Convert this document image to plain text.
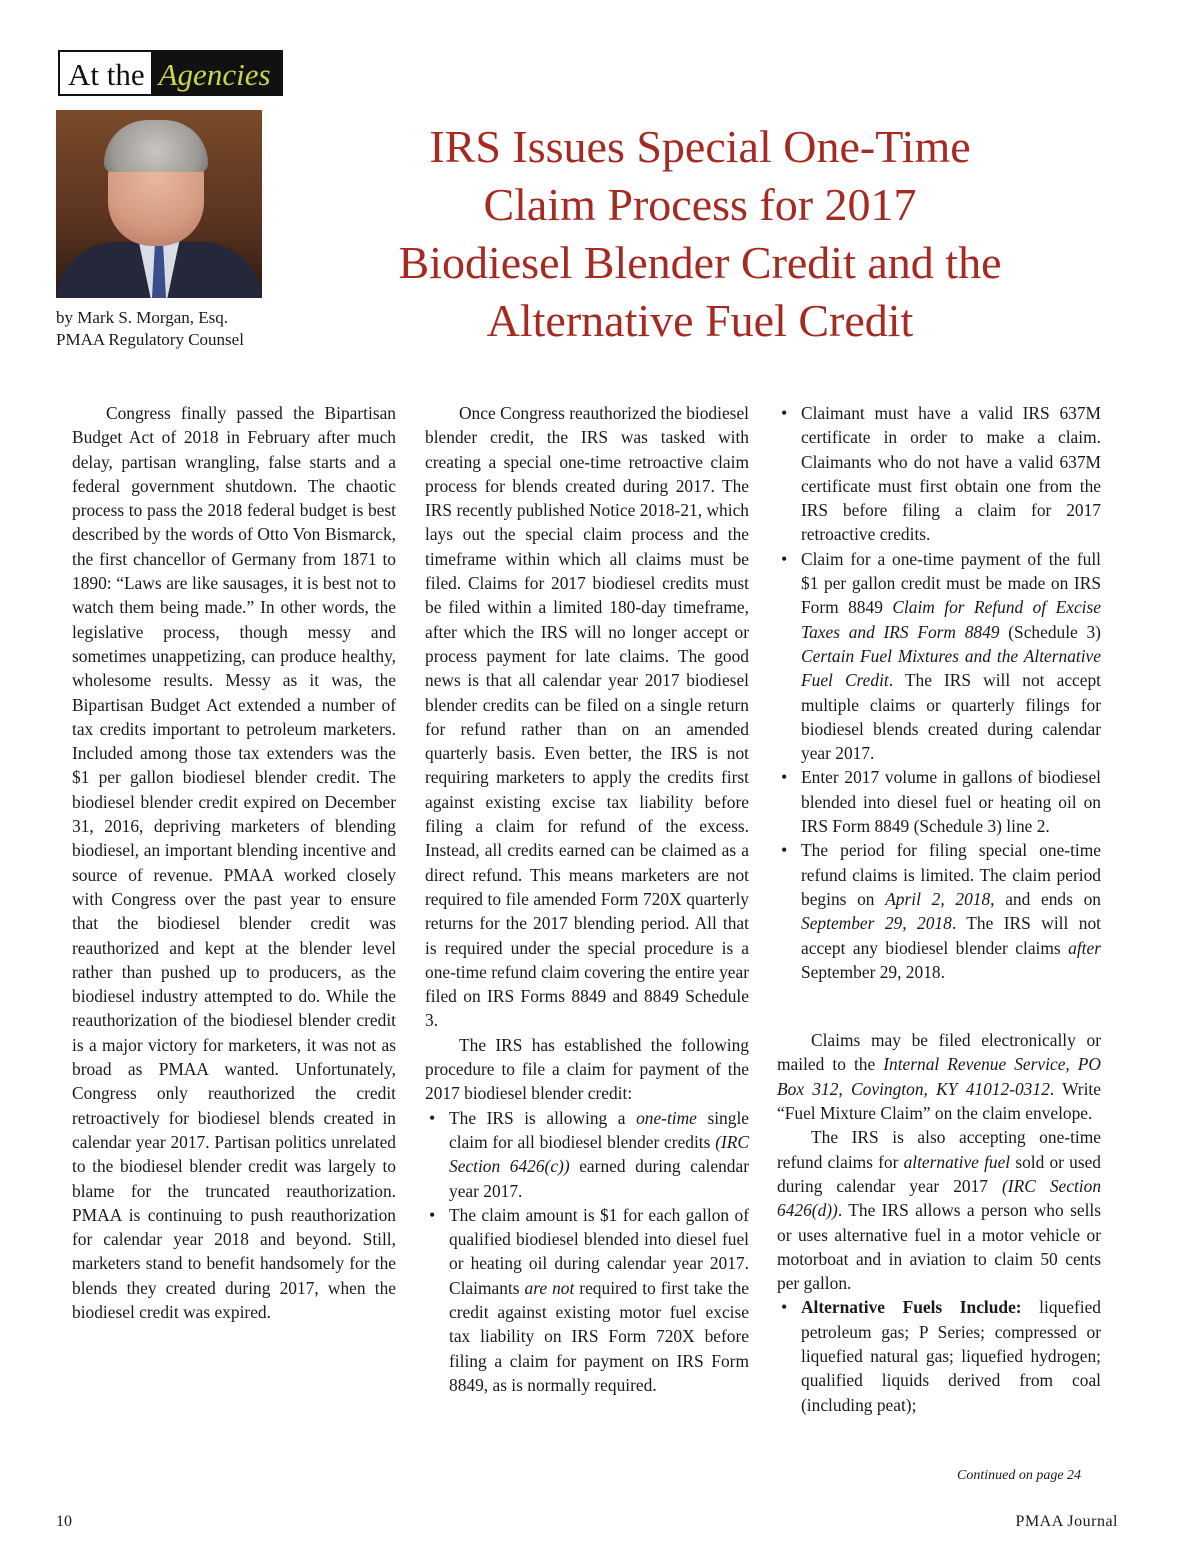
At the Agencies
by Mark S. Morgan, Esq.
PMAA Regulatory Counsel
IRS Issues Special One-Time
Claim Process for 2017
Biodiesel Blender Credit and the
Alternative Fuel Credit

Congress finally passed the Bipartisan Budget Act of 2018 in February after much delay, partisan wrangling, false starts and a federal government shutdown. The chaotic process to pass the 2018 federal budget is best described by the words of Otto Von Bismarck, the first chancellor of Germany from 1871 to 1890: “Laws are like sausages, it is best not to watch them being made.” In other words, the legislative process, though messy and sometimes unappetizing, can produce healthy, wholesome results. Messy as it was, the Bipartisan Budget Act extended a number of tax credits important to petroleum marketers. Included among those tax extenders was the $1 per gallon biodiesel blender credit. The biodiesel blender credit expired on December 31, 2016, depriving marketers of blending biodiesel, an important blending incentive and source of revenue. PMAA worked closely with Congress over the past year to ensure that the biodiesel blender credit was reauthorized and kept at the blender level rather than pushed up to producers, as the biodiesel industry attempted to do. While the reauthorization of the biodiesel blender credit is a major victory for marketers, it was not as broad as PMAA wanted. Unfortunately, Congress only reauthorized the credit retroactively for biodiesel blends created in calendar year 2017. Partisan politics unrelated to the biodiesel blender credit was largely to blame for the truncated reauthorization. PMAA is continuing to push reauthorization for calendar year 2018 and beyond. Still, marketers stand to benefit handsomely for the blends they created during 2017, when the biodiesel credit was expired.

Once Congress reauthorized the biodiesel blender credit, the IRS was tasked with creating a special one-time retroactive claim process for blends created during 2017. The IRS recently published Notice 2018-21, which lays out the special claim process and the timeframe within which all claims must be filed. Claims for 2017 biodiesel credits must be filed within a limited 180-day timeframe, after which the IRS will no longer accept or process payment for late claims. The good news is that all calendar year 2017 biodiesel blender credits can be filed on a single return for refund rather than on an amended quarterly basis. Even better, the IRS is not requiring marketers to apply the credits first against existing excise tax liability before filing a claim for refund of the excess. Instead, all credits earned can be claimed as a direct refund. This means marketers are not required to file amended Form 720X quarterly returns for the 2017 blending period. All that is required under the special procedure is a one-time refund claim covering the entire year filed on IRS Forms 8849 and 8849 Schedule 3.

The IRS has established the following procedure to file a claim for payment of the 2017 biodiesel blender credit:

• The IRS is allowing a one-time single claim for all biodiesel blender credits (IRC Section 6426(c)) earned during calendar year 2017.
• The claim amount is $1 for each gallon of qualified biodiesel blended into diesel fuel or heating oil during calendar year 2017. Claimants are not required to first take the credit against existing motor fuel excise tax liability on IRS Form 720X before filing a claim for payment on IRS Form 8849, as is normally required.
• Claimant must have a valid IRS 637M certificate in order to make a claim. Claimants who do not have a valid 637M certificate must first obtain one from the IRS before filing a claim for 2017 retroactive credits.
• Claim for a one-time payment of the full $1 per gallon credit must be made on IRS Form 8849 Claim for Refund of Excise Taxes and IRS Form 8849 (Schedule 3) Certain Fuel Mixtures and the Alternative Fuel Credit. The IRS will not accept multiple claims or quarterly filings for biodiesel blends created during calendar year 2017.
• Enter 2017 volume in gallons of biodiesel blended into diesel fuel or heating oil on IRS Form 8849 (Schedule 3) line 2.
• The period for filing special one-time refund claims is limited. The claim period begins on April 2, 2018, and ends on September 29, 2018. The IRS will not accept any biodiesel blender claims after September 29, 2018.

Claims may be filed electronically or mailed to the Internal Revenue Service, PO Box 312, Covington, KY 41012-0312. Write “Fuel Mixture Claim” on the claim envelope.

The IRS is also accepting one-time refund claims for alternative fuel sold or used during calendar year 2017 (IRC Section 6426(d)). The IRS allows a person who sells or uses alternative fuel in a motor vehicle or motorboat and in aviation to claim 50 cents per gallon.

• Alternative Fuels Include: liquefied petroleum gas; P Series; compressed or liquefied natural gas; liquefied hydrogen; qualified liquids derived from coal (including peat);
Continued on page 24
10	PMAA Journal
